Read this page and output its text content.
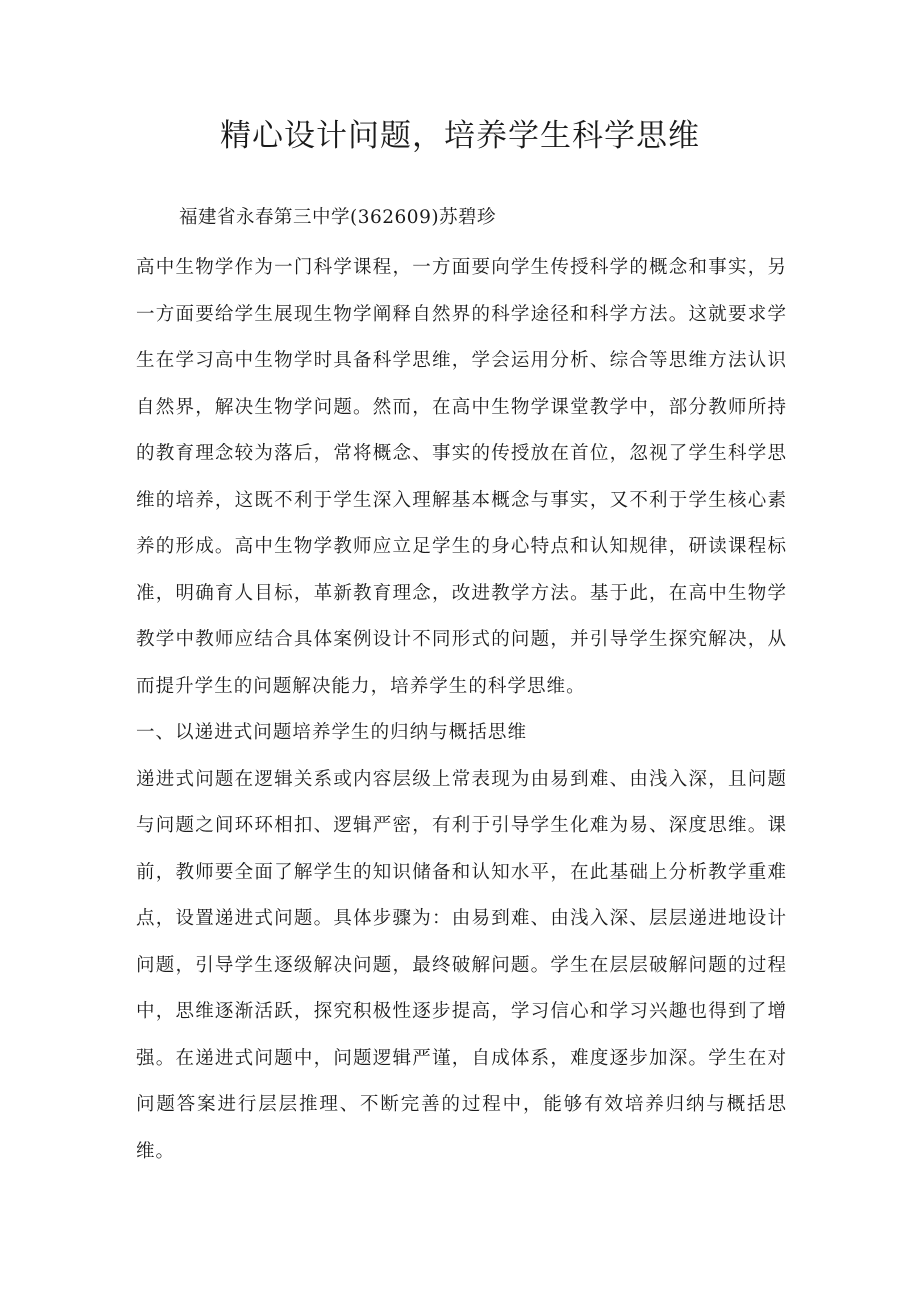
精心设计问题，培养学生科学思维

福建省永春第三中学(362609)苏碧珍

高中生物学作为一门科学课程，一方面要向学生传授科学的概念和事实，另一方面要给学生展现生物学阐释自然界的科学途径和科学方法。这就要求学生在学习高中生物学时具备科学思维，学会运用分析、综合等思维方法认识自然界，解决生物学问题。然而，在高中生物学课堂教学中，部分教师所持的教育理念较为落后，常将概念、事实的传授放在首位，忽视了学生科学思维的培养，这既不利于学生深入理解基本概念与事实，又不利于学生核心素养的形成。高中生物学教师应立足学生的身心特点和认知规律，研读课程标准，明确育人目标，革新教育理念，改进教学方法。基于此，在高中生物学教学中教师应结合具体案例设计不同形式的问题，并引导学生探究解决，从而提升学生的问题解决能力，培养学生的科学思维。

一、以递进式问题培养学生的归纳与概括思维

递进式问题在逻辑关系或内容层级上常表现为由易到难、由浅入深，且问题与问题之间环环相扣、逻辑严密，有利于引导学生化难为易、深度思维。课前，教师要全面了解学生的知识储备和认知水平，在此基础上分析教学重难点，设置递进式问题。具体步骤为：由易到难、由浅入深、层层递进地设计问题，引导学生逐级解决问题，最终破解问题。学生在层层破解问题的过程中，思维逐渐活跃，探究积极性逐步提高，学习信心和学习兴趣也得到了增强。在递进式问题中，问题逻辑严谨，自成体系，难度逐步加深。学生在对问题答案进行层层推理、不断完善的过程中，能够有效培养归纳与概括思维。
